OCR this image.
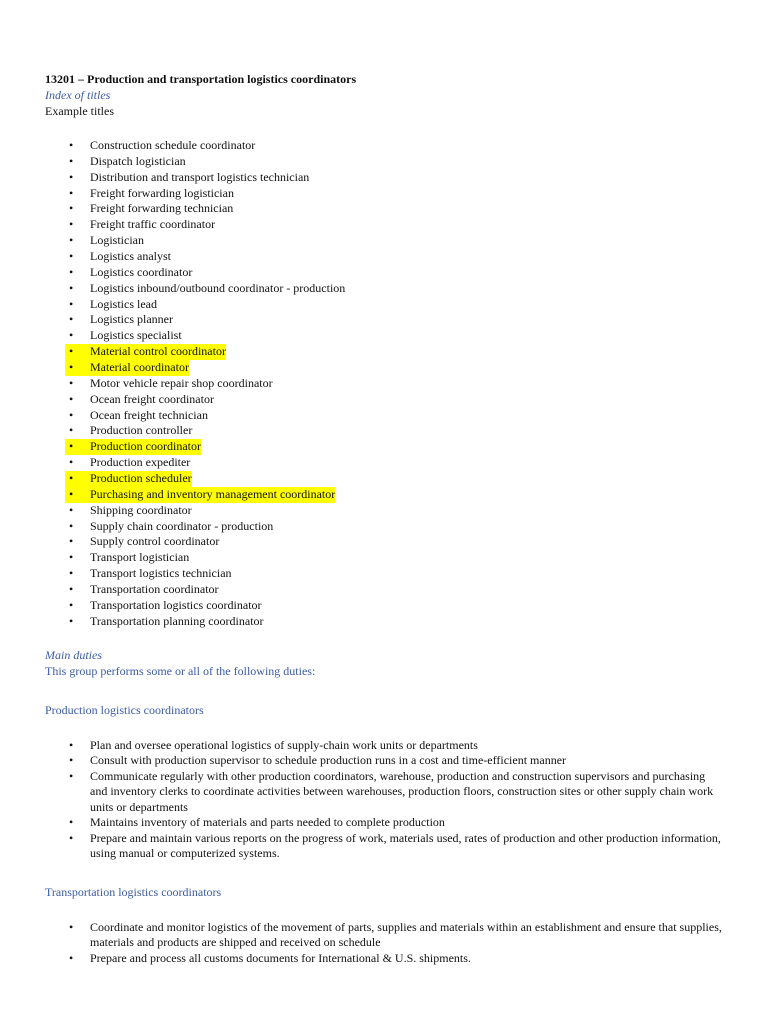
13201 – Production and transportation logistics coordinators

Index of titles

Example titles

•	Construction schedule coordinator
•	Dispatch logistician
•	Distribution and transport logistics technician
•	Freight forwarding logistician
•	Freight forwarding technician
•	Freight traffic coordinator
•	Logistician
•	Logistics analyst
•	Logistics coordinator
•	Logistics inbound/outbound coordinator - production
•	Logistics lead
•	Logistics planner
•	Logistics specialist
•	Material control coordinator
•	Material coordinator
•	Motor vehicle repair shop coordinator
•	Ocean freight coordinator
•	Ocean freight technician
•	Production controller
•	Production coordinator
•	Production expediter
•	Production scheduler
•	Purchasing and inventory management coordinator
•	Shipping coordinator
•	Supply chain coordinator - production
•	Supply control coordinator
•	Transport logistician
•	Transport logistics technician
•	Transportation coordinator
•	Transportation logistics coordinator
•	Transportation planning coordinator

Main duties

This group performs some or all of the following duties:

Production logistics coordinators

• Plan and oversee operational logistics of supply-chain work units or departments
• Consult with production supervisor to schedule production runs in a cost and time-efficient manner
• Communicate regularly with other production coordinators, warehouse, production and construction supervisors and purchasing and inventory clerks to coordinate activities between warehouses, production floors, construction sites or other supply chain work units or departments
• Maintains inventory of materials and parts needed to complete production
• Prepare and maintain various reports on the progress of work, materials used, rates of production and other production information, using manual or computerized systems.

Transportation logistics coordinators

• Coordinate and monitor logistics of the movement of parts, supplies and materials within an establishment and ensure that supplies, materials and products are shipped and received on schedule
• Prepare and process all customs documents for International & U.S. shipments.
